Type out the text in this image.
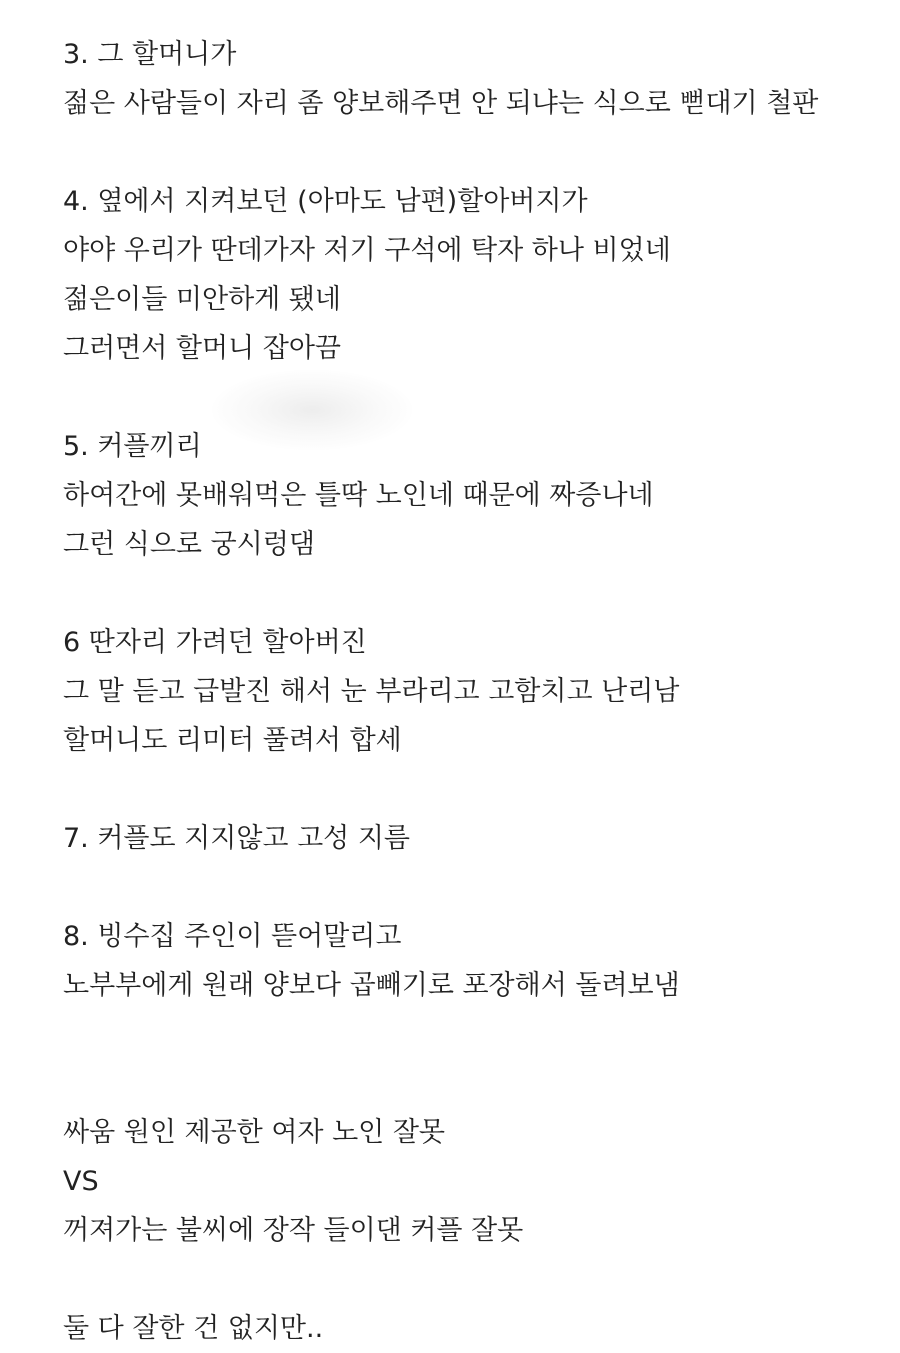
3. 그 할머니가
젊은 사람들이 자리 좀 양보해주면 안 되냐는 식으로 뻗대기 철판
4. 옆에서 지켜보던 (아마도 남편)할아버지가
야야 우리가 딴데가자 저기 구석에 탁자 하나 비었네
젊은이들 미안하게 됐네
그러면서 할머니 잡아끔
5. 커플끼리
하여간에 못배워먹은 틀딱 노인네 때문에 짜증나네
그런 식으로 궁시렁댐
6 딴자리 가려던 할아버진
그 말 듣고 급발진 해서 눈 부라리고 고함치고 난리남
할머니도 리미터 풀려서 합세
7. 커플도 지지않고 고성 지름
8. 빙수집 주인이 뜯어말리고
노부부에게 원래 양보다 곱빼기로 포장해서 돌려보냄
싸움 원인 제공한 여자 노인 잘못
VS
꺼져가는 불씨에 장작 들이댄 커플 잘못
둘 다 잘한 건 없지만..
